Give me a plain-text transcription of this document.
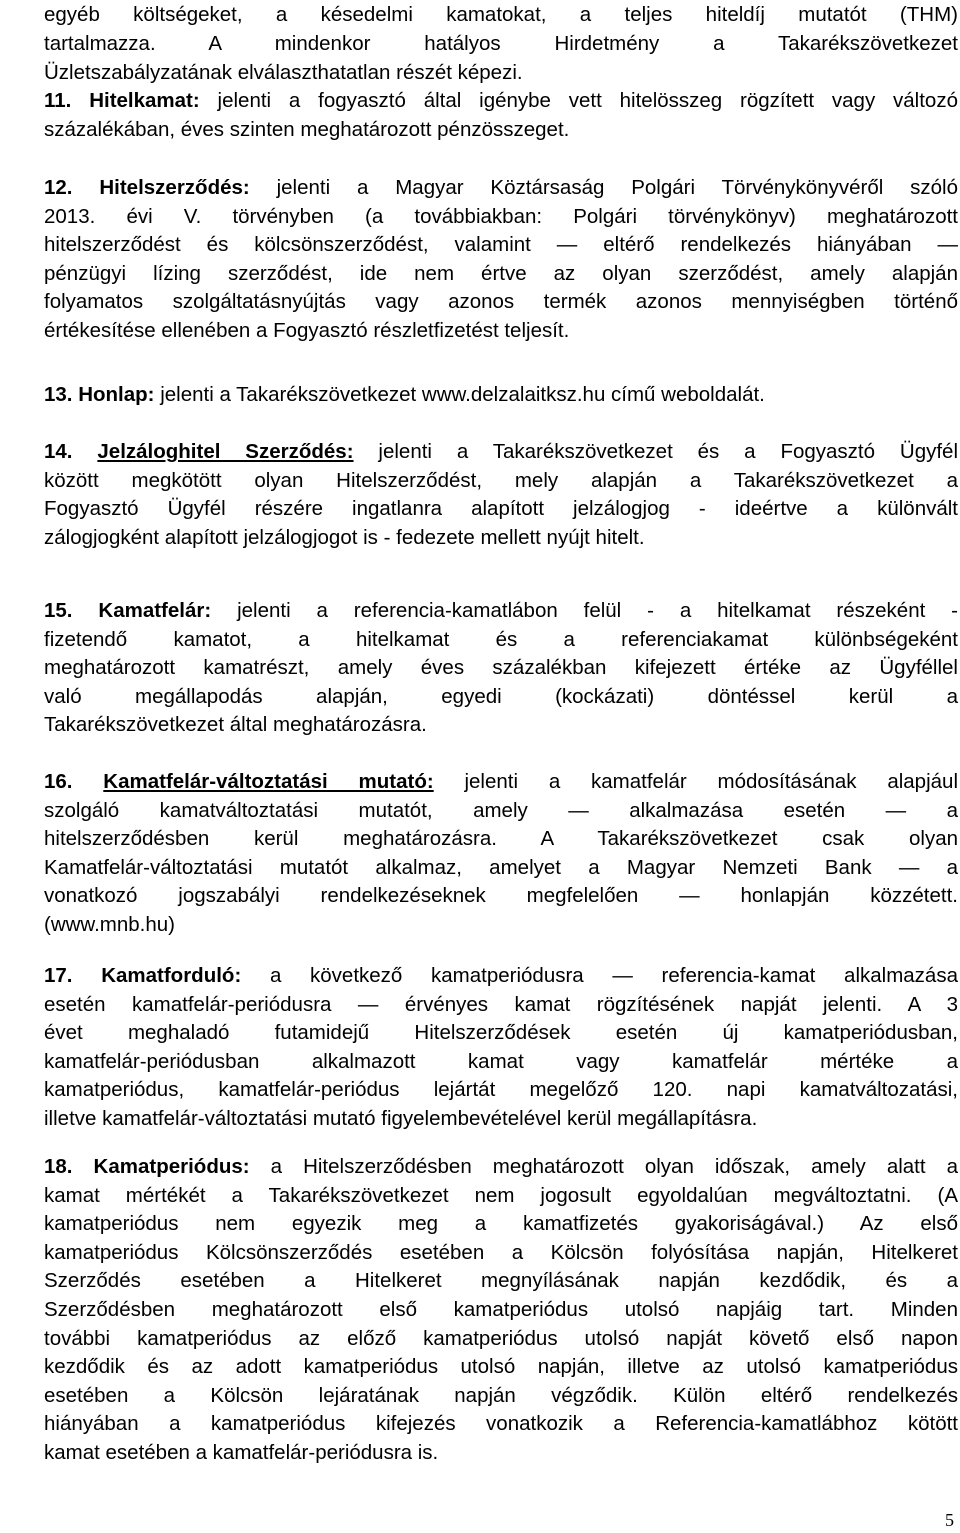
egyéb költségeket, a késedelmi kamatokat, a teljes hiteldíj mutatót (THM)

tartalmazza. A mindenkor hatályos Hirdetmény a Takarékszövetkezet

Üzletszabályzatának elválaszthatatlan részét képezi.

11. Hitelkamat: jelenti a fogyasztó által igénybe vett hitelösszeg rögzített vagy változó

százalékában, éves szinten meghatározott pénzösszeget.

12. Hitelszerződés: jelenti a Magyar Köztársaság Polgári Törvénykönyvéről szóló

2013. évi V. törvényben (a továbbiakban: Polgári törvénykönyv) meghatározott

hitelszerződést és kölcsönszerződést, valamint — eltérő rendelkezés hiányában —

pénzügyi lízing szerződést, ide nem értve az olyan szerződést, amely alapján

folyamatos szolgáltatásnyújtás vagy azonos termék azonos mennyiségben történő

értékesítése ellenében a Fogyasztó részletfizetést teljesít.

13. Honlap: jelenti a Takarékszövetkezet www.delzalaitksz.hu című weboldalát.

14. Jelzáloghitel Szerződés: jelenti a Takarékszövetkezet és a Fogyasztó Ügyfél

között megkötött olyan Hitelszerződést, mely alapján a Takarékszövetkezet a

Fogyasztó Ügyfél részére ingatlanra alapított jelzálogjog - ideértve a különvált

zálogjogként alapított jelzálogjogot is - fedezete mellett nyújt hitelt.

15. Kamatfelár: jelenti a referencia-kamatlábon felül - a hitelkamat részeként -

fizetendő kamatot, a hitelkamat és a referenciakamat különbségeként

meghatározott kamatrészt, amely éves százalékban kifejezett értéke az Ügyféllel

való megállapodás alapján, egyedi (kockázati) döntéssel kerül a

Takarékszövetkezet által meghatározásra.

16. Kamatfelár-változtatási mutató: jelenti a kamatfelár módosításának alapjául

szolgáló kamatváltoztatási mutatót, amely — alkalmazása esetén — a

hitelszerződésben kerül meghatározásra. A Takarékszövetkezet csak olyan

Kamatfelár-változtatási mutatót alkalmaz, amelyet a Magyar Nemzeti Bank — a

vonatkozó jogszabályi rendelkezéseknek megfelelően — honlapján közzétett.

(www.mnb.hu)

17. Kamatforduló: a következő kamatperiódusra — referencia-kamat alkalmazása

esetén kamatfelár-periódusra — érvényes kamat rögzítésének napját jelenti. A 3

évet meghaladó futamidejű Hitelszerződések esetén új kamatperiódusban,

kamatfelár-periódusban alkalmazott kamat vagy kamatfelár mértéke a

kamatperiódus, kamatfelár-periódus lejártát megelőző 120. napi kamatváltozatási,

illetve kamatfelár-változtatási mutató figyelembevételével kerül megállapításra.

18. Kamatperiódus: a Hitelszerződésben meghatározott olyan időszak, amely alatt a

kamat mértékét a Takarékszövetkezet nem jogosult egyoldalúan megváltoztatni. (A

kamatperiódus nem egyezik meg a kamatfizetés gyakoriságával.) Az első

kamatperiódus Kölcsönszerződés esetében a Kölcsön folyósítása napján, Hitelkeret

Szerződés esetében a Hitelkeret megnyílásának napján kezdődik, és a

Szerződésben meghatározott első kamatperiódus utolsó napjáig tart. Minden

további kamatperiódus az előző kamatperiódus utolsó napját követő első napon

kezdődik és az adott kamatperiódus utolsó napján, illetve az utolsó kamatperiódus

esetében a Kölcsön lejáratának napján végződik. Külön eltérő rendelkezés

hiányában a kamatperiódus kifejezés vonatkozik a Referencia-kamatlábhoz kötött

kamat esetében a kamatfelár-periódusra is.

5
